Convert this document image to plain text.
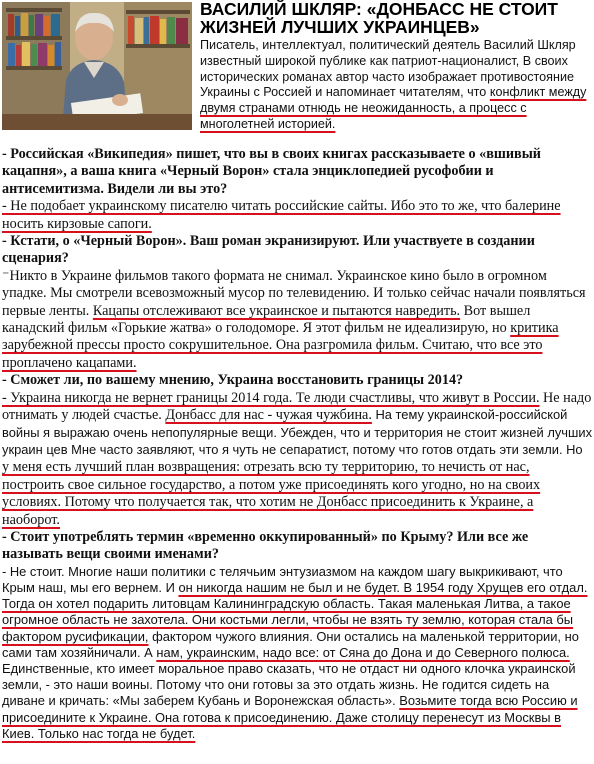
ВАСИЛИЙ ШКЛЯР: «ДОНБАСС НЕ СТОИТ ЖИЗНЕЙ ЛУЧШИХ УКРАИНЦЕВ»

Писатель, интеллектуал, политический деятель Василий Шкляр известный широкой публике как патриот-националист, В своих исторических романах автор часто изображает противостояние Украины с Россией и напоминает читателям, что конфликт между двумя странами отнюдь не неожиданность, а процесс с многолетней историей.

- Российская «Википедия» пишет, что вы в своих книгах рассказываете о «вшивый кацапня», а ваша книга «Черный Ворон» стала энциклопедией русофобии и антисемитизма. Видели ли вы это?

- Не подобает украинскому писателю читать российские сайты. Ибо это то же, что балерине носить кирзовые сапоги.

- Кстати, о «Черный Ворон». Ваш роман экранизируют. Или участвуете в создании сценария?

⁻Никто в Украине фильмов такого формата не снимал. Украинское кино было в огромном упадке. Мы смотрели всевозможный мусор по телевидению. И только сейчас начали появляться первые ленты. Кацапы отслеживают все украинское и пытаются навредить. Вот вышел канадский фильм «Горькие жатва» о голодоморе. Я этот фильм не идеализирую, но критика зарубежной прессы просто сокрушительное. Она разгромила фильм. Считаю, что все это проплачено кацапами.

- Сможет ли, по вашему мнению, Украина восстановить границы 2014?

- Украина никогда не вернет границы 2014 года. Те люди счастливы, что живут в России. Не надо отнимать у людей счастье. Донбасс для нас - чужая чужбина. На тему украинской-российской войны я выражаю очень непопулярные вещи. Убежден, что и территория не стоит жизней лучших украин цев Мне часто заявляют, что я чуть не сепаратист, потому что готов отдать эти земли. Но у меня есть лучший план возвращения: отрезать всю ту территорию, то нечисть от нас, построить свое сильное государство, а потом уже присоединять кого угодно, но на своих условиях. Потому что получается так, что хотим не Донбасс присоединить к Украине, а наоборот.

- Стоит употреблять термин «временно оккупированный» по Крыму? Или все же называть вещи своими именами?

- Не стоит. Многие наши политики с телячьим энтузиазмом на каждом шагу выкрикивают, что Крым наш, мы его вернем. И он никогда нашим не был и не будет. В 1954 году Хрущев его отдал. Тогда он хотел подарить литовцам Калининградскую область. Такая маленькая Литва, а такое огромное область не захотела. Они костьми легли, чтобы не взять ту землю, которая стала бы фактором русификации, фактором чужого влияния. Они остались на маленькой территории, но сами там хозяйничали. А нам, украинским, надо все: от Сяна до Дона и до Северного полюса. Единственные, кто имеет моральное право сказать, что не отдаст ни одного клочка украинской земли, - это наши воины. Потому что они готовы за это отдать жизнь. Не годится сидеть на диване и кричать: «Мы заберем Кубань и Воронежская область». Возьмите тогда всю Россию и присоедините к Украине. Она готова к присоединению. Даже столицу перенесут из Москвы в Киев. Только нас тогда не будет.
